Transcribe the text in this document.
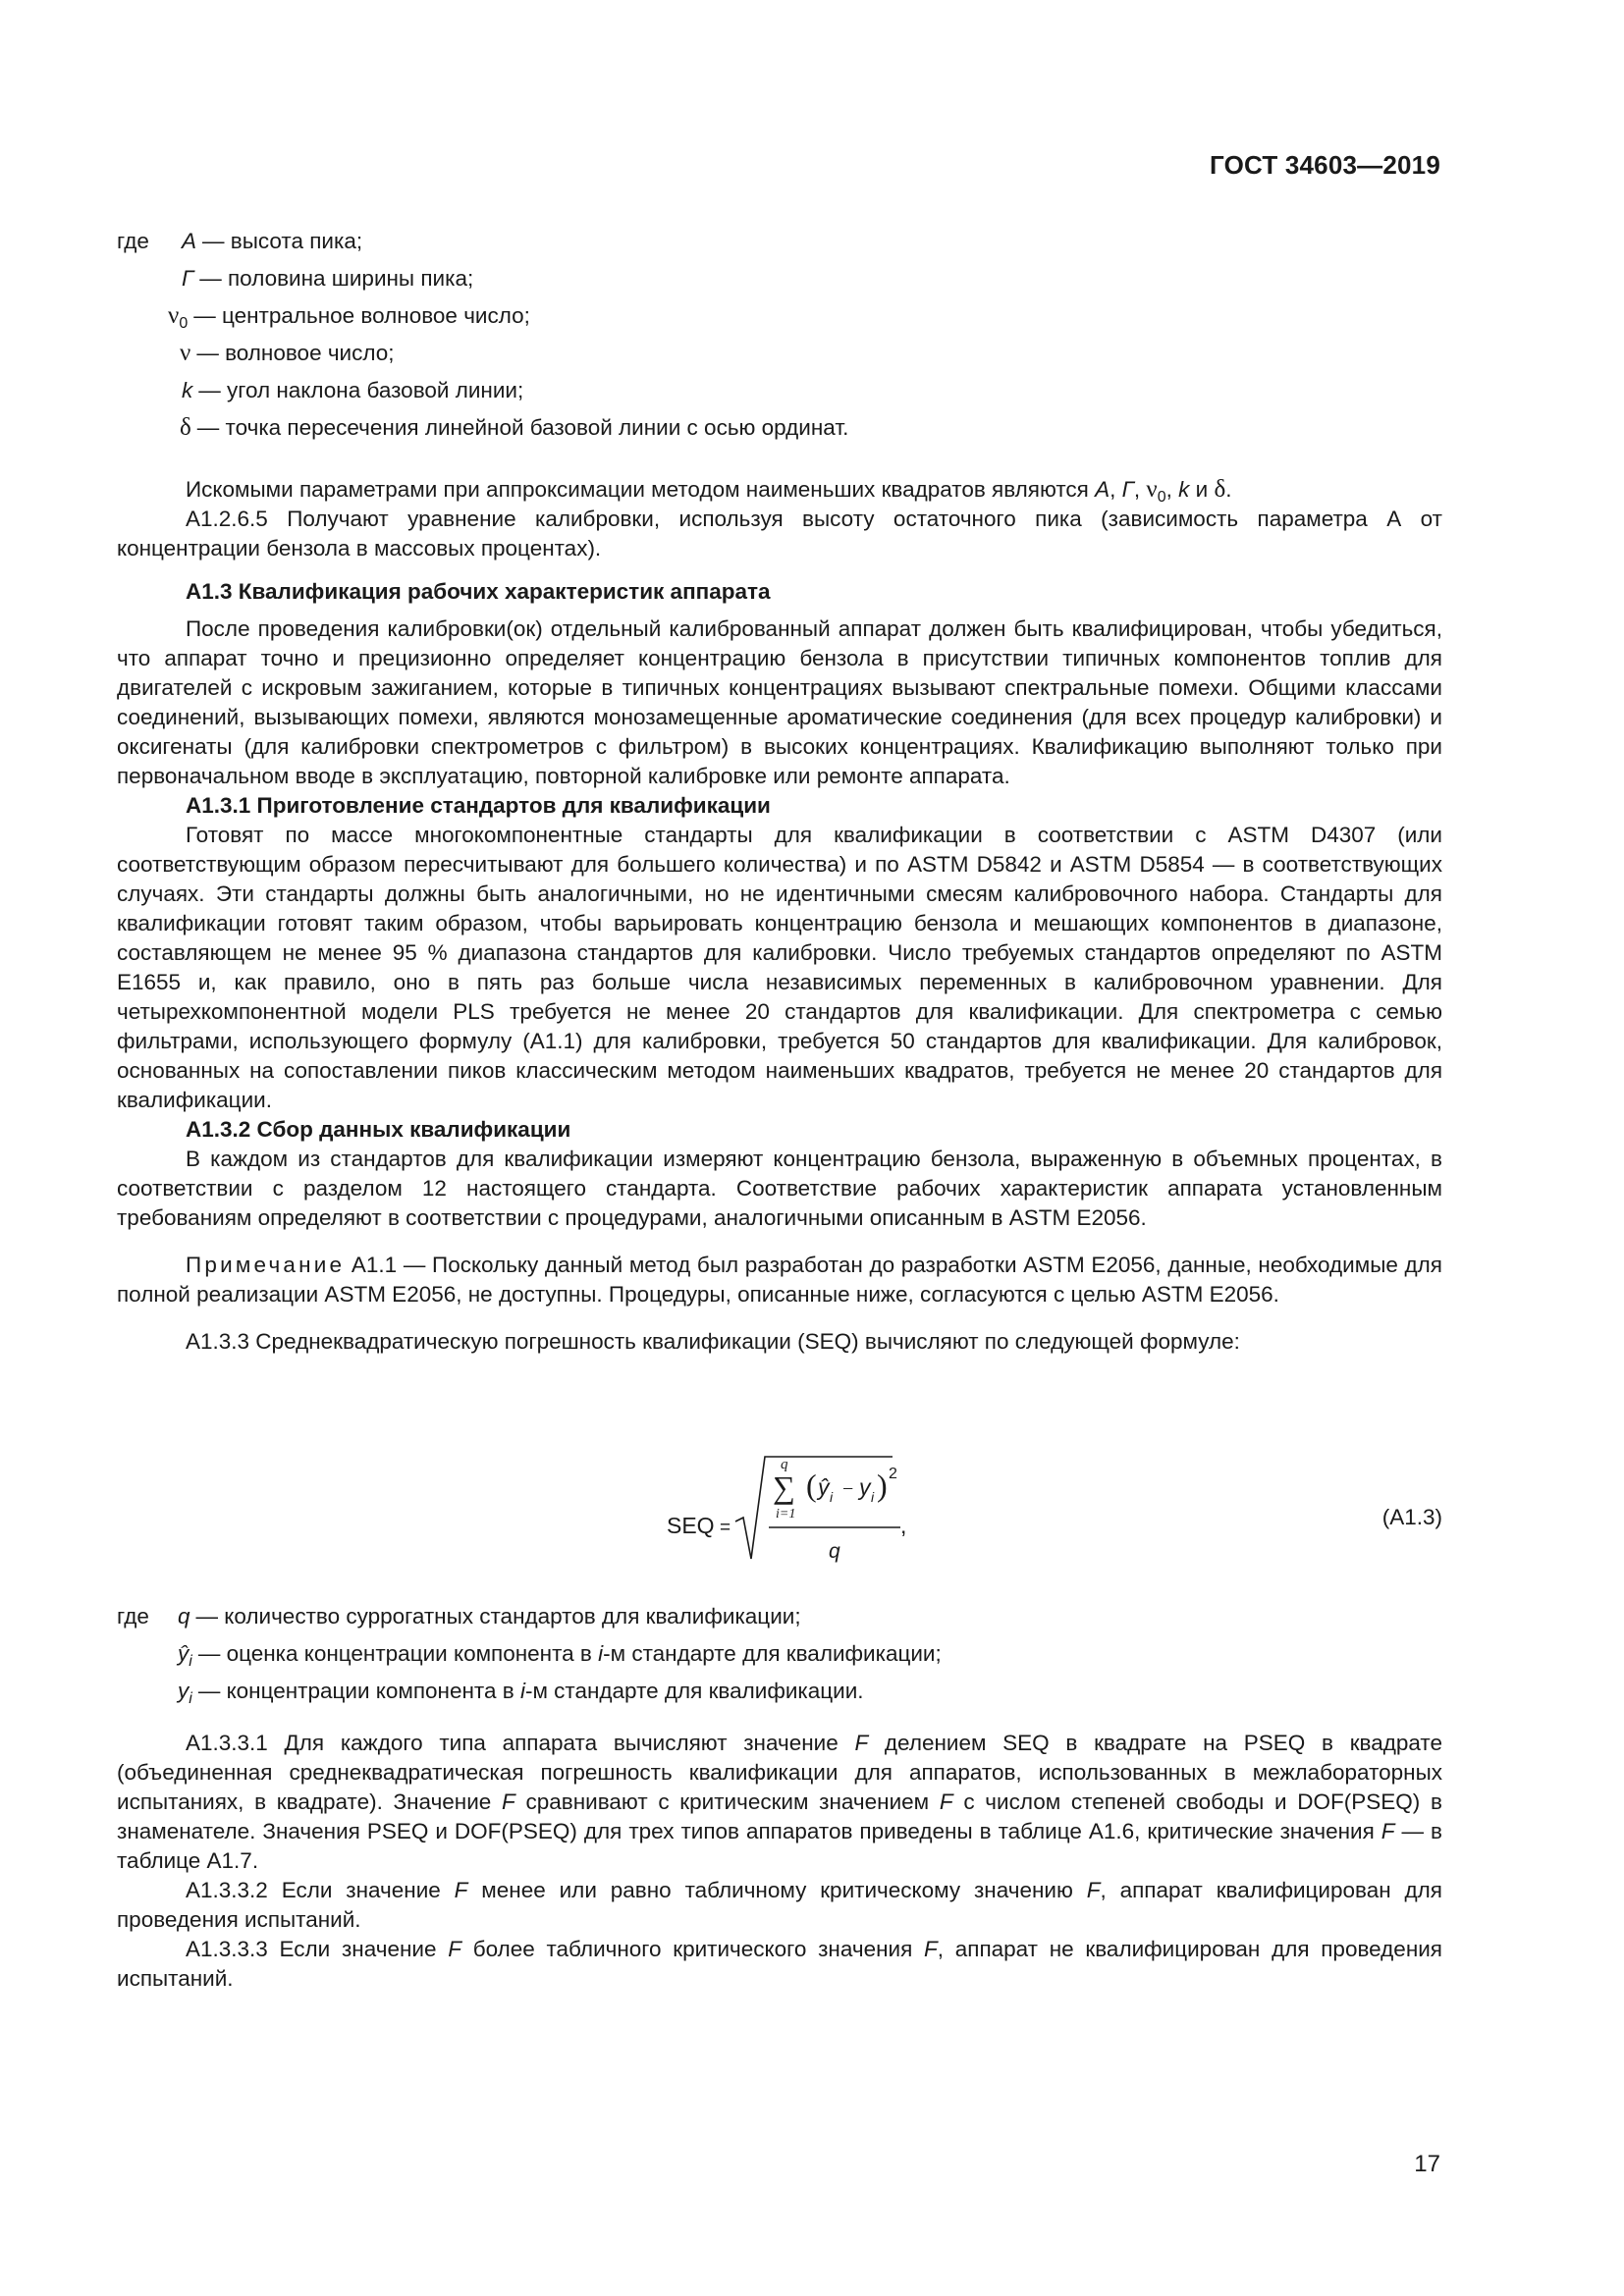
ГОСТ 34603—2019
где	A — высота пика;
Г — половина ширины пика;
$\nu_0$ — центральное волновое число;
ν — волновое число;
k — угол наклона базовой линии;
δ — точка пересечения линейной базовой линии с осью ординат.

Искомыми параметрами при аппроксимации методом наименьших квадратов являются A, Г, $\nu_0$, k и δ.

А1.2.6.5 Получают уравнение калибровки, используя высоту остаточного пика (зависимость параметра А от концентрации бензола в массовых процентах).

А1.3 Квалификация рабочих характеристик аппарата

После проведения калибровки(ок) отдельный калиброванный аппарат должен быть квалифицирован, чтобы убедиться, что аппарат точно и прецизионно определяет концентрацию бензола в присутствии типичных компонентов топлив для двигателей с искровым зажиганием, которые в типичных концентрациях вызывают спектральные помехи. Общими классами соединений, вызывающих помехи, являются монозамещенные ароматические соединения (для всех процедур калибровки) и оксигенаты (для калибровки спектрометров с фильтром) в высоких концентрациях. Квалификацию выполняют только при первоначальном вводе в эксплуатацию, повторной калибровке или ремонте аппарата.

А1.3.1 Приготовление стандартов для квалификации

Готовят по массе многокомпонентные стандарты для квалификации в соответствии с ASTM D4307 (или соответствующим образом пересчитывают для большего количества) и по ASTM D5842 и ASTM D5854 — в соответствующих случаях. Эти стандарты должны быть аналогичными, но не идентичными смесям калибровочного набора. Стандарты для квалификации готовят таким образом, чтобы варьировать концентрацию бензола и мешающих компонентов в диапазоне, составляющем не менее 95 % диапазона стандартов для калибровки. Число требуемых стандартов определяют по ASTM E1655 и, как правило, оно в пять раз больше числа независимых переменных в калибровочном уравнении. Для четырехкомпонентной модели PLS требуется не менее 20 стандартов для квалификации. Для спектрометра с семью фильтрами, использующего формулу (А1.1) для калибровки, требуется 50 стандартов для квалификации. Для калибровок, основанных на сопоставлении пиков классическим методом наименьших квадратов, требуется не менее 20 стандартов для квалификации.

А1.3.2 Сбор данных квалификации

В каждом из стандартов для квалификации измеряют концентрацию бензола, выраженную в объемных процентах, в соответствии с разделом 12 настоящего стандарта. Соответствие рабочих характеристик аппарата установленным требованиям определяют в соответствии с процедурами, аналогичными описанным в ASTM E2056.

Примечание А1.1 — Поскольку данный метод был разработан до разработки ASTM E2056, данные, необходимые для полной реализации ASTM E2056, не доступны. Процедуры, описанные ниже, согласуются с целью ASTM E2056.

А1.3.3 Среднеквадратическую погрешность квалификации (SEQ) вычисляют по следующей формуле:

SEQ =
∑
q
i=1
( ŷ i − y i ) 2
q
,	(А1.3)
где	q — количество суррогатных стандартов для квалификации;
$ŷ_i$ — оценка концентрации компонента в i-м стандарте для квалификации;
$y_i$ — концентрации компонента в i-м стандарте для квалификации.

А1.3.3.1 Для каждого типа аппарата вычисляют значение F делением SEQ в квадрате на PSEQ в квадрате (объединенная среднеквадратическая погрешность квалификации для аппаратов, использованных в межлабораторных испытаниях, в квадрате). Значение F сравнивают с критическим значением F с числом степеней свободы и DOF(PSEQ) в знаменателе. Значения PSEQ и DOF(PSEQ) для трех типов аппаратов приведены в таблице А1.6, критические значения F — в таблице А1.7.

А1.3.3.2 Если значение F менее или равно табличному критическому значению F, аппарат квалифицирован для проведения испытаний.

А1.3.3.3 Если значение F более табличного критического значения F, аппарат не квалифицирован для проведения испытаний.

17
